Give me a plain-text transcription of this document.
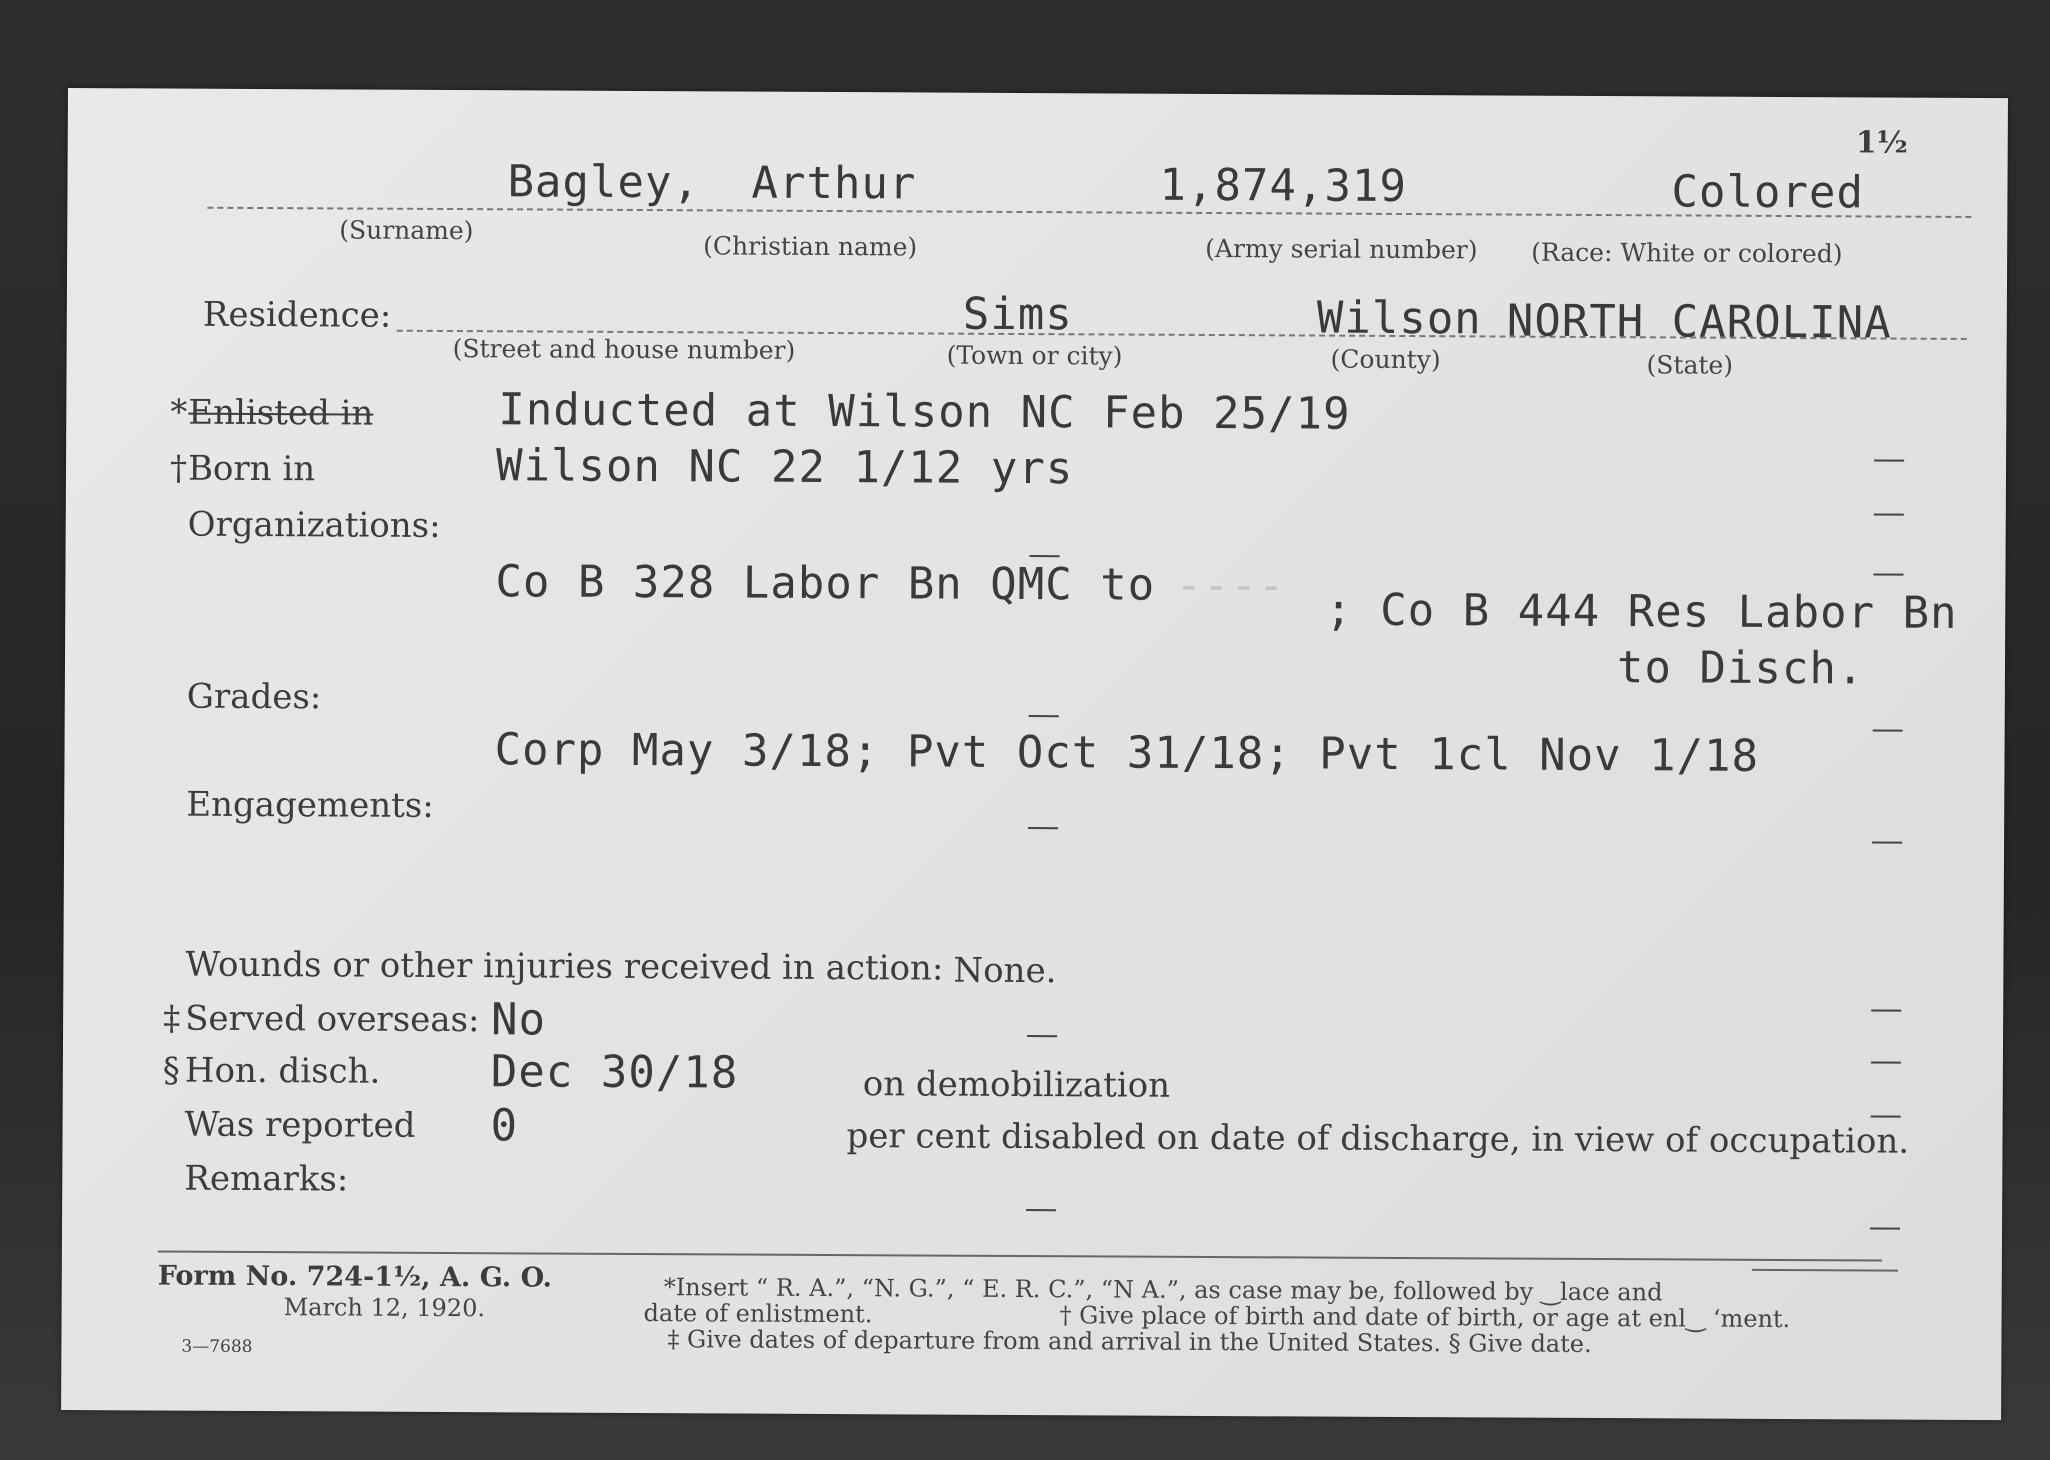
1½
Bagley, Arthur	1,874,319	Colored
(Surname)
(Christian name)	(Army serial number) (Race: White or colored)
Residence:	Sims	Wilson NORTH CAROLINA
(Street and house number)	(Town or city)	(County)	(State)
* Enlisted in	Inducted at Wilson NC Feb 25/19
† Born in	Wilson NC 22 1/12 yrs
Organizations:
Co B 328 Labor Bn QMC to ---- ; Co B 444 Res Labor Bn
to Disch.
Grades:
Corp May 3/18; Pvt Oct 31/18; Pvt 1cl Nov 1/18
Engagements:
Wounds or other injuries received in action: None.
‡ Served overseas: No
§ Hon. disch.	Dec 30/18	on demobilization
Was reported 0	per cent disabled on date of discharge, in view of occupation.
Remarks:
Form No. 724-1½, A. G. O.
March 12, 1920.
3—7688
*Insert “ R. A.”, “N. G.”, “ E. R. C.”, “N A.”, as case may be, followed by ‿lace and
date of enlistment.	† Give place of birth and date of birth, or age at enl‿ ‘ment.
‡ Give dates of departure from and arrival in the United States. § Give date.
